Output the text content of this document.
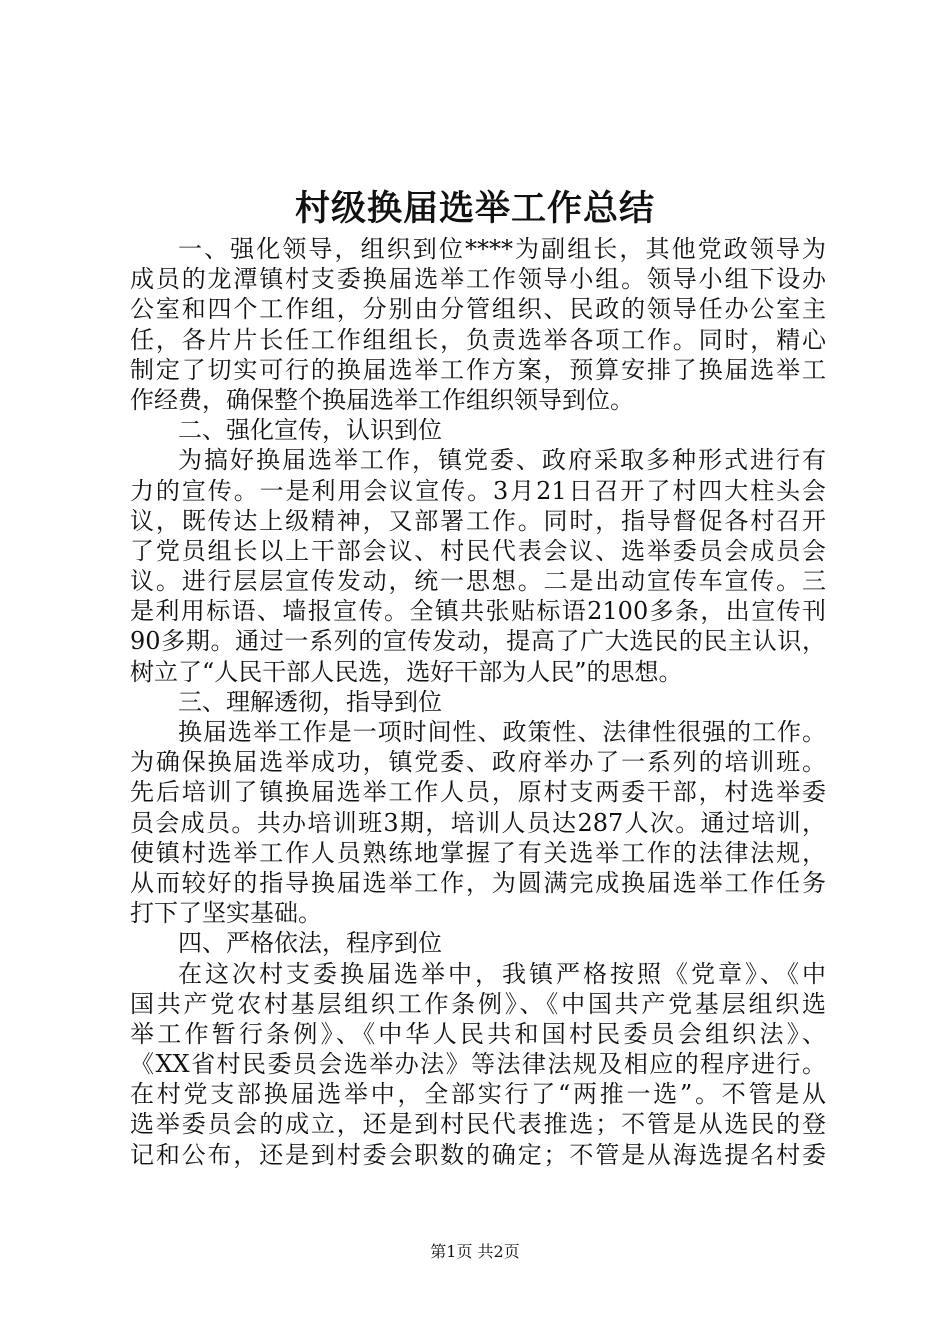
村级换届选举工作总结
一、强化领导，组织到位****为副组长，其他党政领导为
成员的龙潭镇村支委换届选举工作领导小组。领导小组下设办
公室和四个工作组，分别由分管组织、民政的领导任办公室主
任，各片片长任工作组组长，负责选举各项工作。同时，精心
制定了切实可行的换届选举工作方案，预算安排了换届选举工
作经费，确保整个换届选举工作组织领导到位。
二、强化宣传，认识到位
为搞好换届选举工作，镇党委、政府采取多种形式进行有
力的宣传。一是利用会议宣传。3月21日召开了村四大柱头会
议，既传达上级精神，又部署工作。同时，指导督促各村召开
了党员组长以上干部会议、村民代表会议、选举委员会成员会
议。进行层层宣传发动，统一思想。二是出动宣传车宣传。三
是利用标语、墙报宣传。全镇共张贴标语2100多条，出宣传刊
90多期。通过一系列的宣传发动，提高了广大选民的民主认识，
树立了“人民干部人民选，选好干部为人民”的思想。
三、理解透彻，指导到位
换届选举工作是一项时间性、政策性、法律性很强的工作。
为确保换届选举成功，镇党委、政府举办了一系列的培训班。
先后培训了镇换届选举工作人员，原村支两委干部，村选举委
员会成员。共办培训班3期，培训人员达287人次。通过培训，
使镇村选举工作人员熟练地掌握了有关选举工作的法律法规，
从而较好的指导换届选举工作，为圆满完成换届选举工作任务
打下了坚实基础。
四、严格依法，程序到位
在这次村支委换届选举中，我镇严格按照《党章》、《中
国共产党农村基层组织工作条例》、《中国共产党基层组织选
举工作暂行条例》、《中华人民共和国村民委员会组织法》、
《XX省村民委员会选举办法》等法律法规及相应的程序进行。
在村党支部换届选举中，全部实行了“两推一选”。不管是从
选举委员会的成立，还是到村民代表推选；不管是从选民的登
记和公布，还是到村委会职数的确定；不管是从海选提名村委
第1页 共2页
